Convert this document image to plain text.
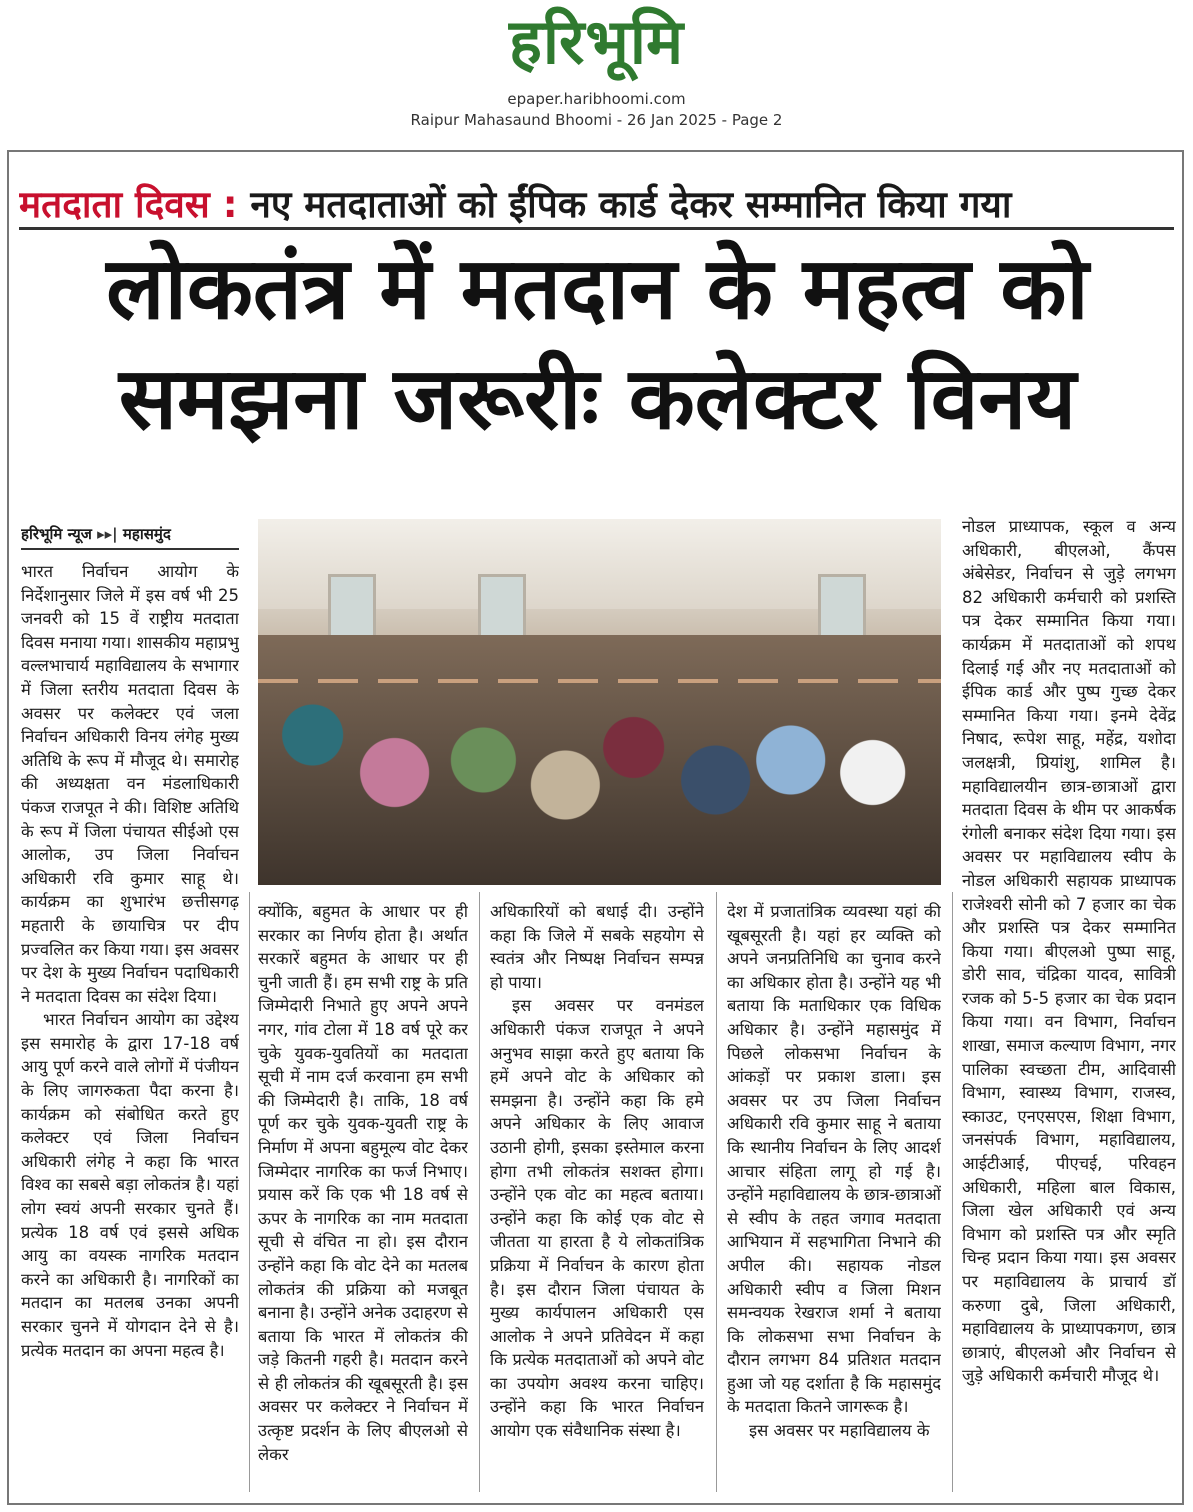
हरिभूमि
epaper.haribhoomi.com
Raipur Mahasaund Bhoomi - 26 Jan 2025 - Page 2
मतदाता दिवस : नए मतदाताओं को ईंपिक कार्ड देकर सम्मानित किया गया
लोकतंत्र में मतदान के महत्व को
समझना जरूरीः कलेक्टर विनय
हरिभूमि न्यूज ▸▸| महासमुंद

भारत निर्वाचन आयोग के निर्देशानुसार जिले में इस वर्ष भी 25 जनवरी को 15 वें राष्ट्रीय मतदाता दिवस मनाया गया। शासकीय महाप्रभु वल्लभाचार्य महाविद्यालय के सभागार में जिला स्तरीय मतदाता दिवस के अवसर पर कलेक्टर एवं जला निर्वाचन अधिकारी विनय लंगेह मुख्य अतिथि के रूप में मौजूद थे। समारोह की अध्यक्षता वन मंडलाधिकारी पंकज राजपूत ने की। विशिष्ट अतिथि के रूप में जिला पंचायत सीईओ एस आलोक, उप जिला निर्वाचन अधिकारी रवि कुमार साहू थे। कार्यक्रम का शुभारंभ छत्तीसगढ़ महतारी के छायाचित्र पर दीप प्रज्वलित कर किया गया। इस अवसर पर देश के मुख्य निर्वाचन पदाधिकारी ने मतदाता दिवस का संदेश दिया।

भारत निर्वाचन आयोग का उद्देश्य इस समारोह के द्वारा 17-18 वर्ष आयु पूर्ण करने वाले लोगों में पंजीयन के लिए जागरुकता पैदा करना है। कार्यक्रम को संबोधित करते हुए कलेक्टर एवं जिला निर्वाचन अधिकारी लंगेह ने कहा कि भारत विश्व का सबसे बड़ा लोकतंत्र है। यहां लोग स्वयं अपनी सरकार चुनते हैं। प्रत्येक 18 वर्ष एवं इससे अधिक आयु का वयस्क नागरिक मतदान करने का अधिकारी है। नागरिकों का मतदान का मतलब उनका अपनी सरकार चुनने में योगदान देने से है। प्रत्येक मतदान का अपना महत्व है।

क्योंकि, बहुमत के आधार पर ही सरकार का निर्णय होता है। अर्थात सरकारें बहुमत के आधार पर ही चुनी जाती हैं। हम सभी राष्ट्र के प्रति जिम्मेदारी निभाते हुए अपने अपने नगर, गांव टोला में 18 वर्ष पूरे कर चुके युवक-युवतियों का मतदाता सूची में नाम दर्ज करवाना हम सभी की जिम्मेदारी है। ताकि, 18 वर्ष पूर्ण कर चुके युवक-युवती राष्ट्र के निर्माण में अपना बहुमूल्य वोट देकर जिम्मेदार नागरिक का फर्ज निभाए। प्रयास करें कि एक भी 18 वर्ष से ऊपर के नागरिक का नाम मतदाता सूची से वंचित ना हो। इस दौरान उन्होंने कहा कि वोट देने का मतलब लोकतंत्र की प्रक्रिया को मजबूत बनाना है। उन्होंने अनेक उदाहरण से बताया कि भारत में लोकतंत्र की जड़े कितनी गहरी है। मतदान करने से ही लोकतंत्र की खूबसूरती है। इस अवसर पर कलेक्टर ने निर्वाचन में उत्कृष्ट प्रदर्शन के लिए बीएलओ से लेकर

अधिकारियों को बधाई दी। उन्होंने कहा कि जिले में सबके सहयोग से स्वतंत्र और निष्पक्ष निर्वाचन सम्पन्न हो पाया।

इस अवसर पर वनमंडल अधिकारी पंकज राजपूत ने अपने अनुभव साझा करते हुए बताया कि हमें अपने वोट के अधिकार को समझना है। उन्होंने कहा कि हमे अपने अधिकार के लिए आवाज उठानी होगी, इसका इस्तेमाल करना होगा तभी लोकतंत्र सशक्त होगा। उन्होंने एक वोट का महत्व बताया। उन्होंने कहा कि कोई एक वोट से जीतता या हारता है ये लोकतांत्रिक प्रक्रिया में निर्वाचन के कारण होता है। इस दौरान जिला पंचायत के मुख्य कार्यपालन अधिकारी एस आलोक ने अपने प्रतिवेदन में कहा कि प्रत्येक मतदाताओं को अपने वोट का उपयोग अवश्य करना चाहिए। उन्होंने कहा कि भारत निर्वाचन आयोग एक संवैधानिक संस्था है।

देश में प्रजातांत्रिक व्यवस्था यहां की खूबसूरती है। यहां हर व्यक्ति को अपने जनप्रतिनिधि का चुनाव करने का अधिकार होता है। उन्होंने यह भी बताया कि मताधिकार एक विधिक अधिकार है। उन्होंने महासमुंद में पिछले लोकसभा निर्वाचन के आंकड़ों पर प्रकाश डाला। इस अवसर पर उप जिला निर्वाचन अधिकारी रवि कुमार साहू ने बताया कि स्थानीय निर्वाचन के लिए आदर्श आचार संहिता लागू हो गई है। उन्होंने महाविद्यालय के छात्र-छात्राओं से स्वीप के तहत जगाव मतदाता आभियान में सहभागिता निभाने की अपील की। सहायक नोडल अधिकारी स्वीप व जिला मिशन समन्वयक रेखराज शर्मा ने बताया कि लोकसभा सभा निर्वाचन के दौरान लगभग 84 प्रतिशत मतदान हुआ जो यह दर्शाता है कि महासमुंद के मतदाता कितने जागरूक है।

इस अवसर पर महाविद्यालय के

नोडल प्राध्यापक, स्कूल व अन्य अधिकारी, बीएलओ, कैंपस अंबेसेडर, निर्वाचन से जुड़े लगभग 82 अधिकारी कर्मचारी को प्रशस्ति पत्र देकर सम्मानित किया गया। कार्यक्रम में मतदाताओं को शपथ दिलाई गई और नए मतदाताओं को ईपिक कार्ड और पुष्प गुच्छ देकर सम्मानित किया गया। इनमे देवेंद्र निषाद, रूपेश साहू, महेंद्र, यशोदा जलक्षत्री, प्रियांशु, शामिल है। महाविद्यालयीन छात्र-छात्राओं द्वारा मतदाता दिवस के थीम पर आकर्षक रंगोली बनाकर संदेश दिया गया। इस अवसर पर महाविद्यालय स्वीप के नोडल अधिकारी सहायक प्राध्यापक राजेश्वरी सोनी को 7 हजार का चेक और प्रशस्ति पत्र देकर सम्मानित किया गया। बीएलओ पुष्पा साहू, डोरी साव, चंद्रिका यादव, सावित्री रजक को 5-5 हजार का चेक प्रदान किया गया। वन विभाग, निर्वाचन शाखा, समाज कल्याण विभाग, नगर पालिका स्वच्छता टीम, आदिवासी विभाग, स्वास्थ्य विभाग, राजस्व, स्काउट, एनएसएस, शिक्षा विभाग, जनसंपर्क विभाग, महाविद्यालय, आईटीआई, पीएचई, परिवहन अधिकारी, महिला बाल विकास, जिला खेल अधिकारी एवं अन्य विभाग को प्रशस्ति पत्र और स्मृति चिन्ह प्रदान किया गया। इस अवसर पर महाविद्यालय के प्राचार्य डॉ करुणा दुबे, जिला अधिकारी, महाविद्यालय के प्राध्यापकगण, छात्र छात्राएं, बीएलओ और निर्वाचन से जुड़े अधिकारी कर्मचारी मौजूद थे।
